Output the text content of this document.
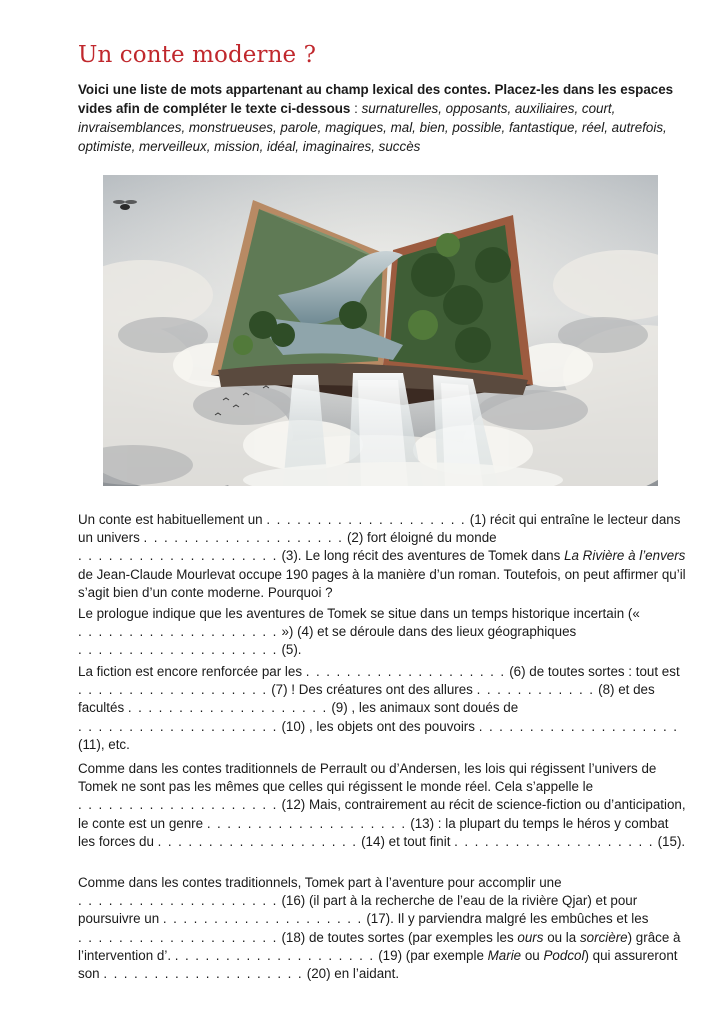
Un conte moderne ?

Voici une liste de mots appartenant au champ lexical des contes. Placez-les dans les espaces vides afin de compléter le texte ci-dessous : surnaturelles, opposants, auxiliaires, court, invraisemblances, monstrueuses, parole, magiques, mal, bien, possible, fantastique, réel, autrefois, optimiste, merveilleux, mission, idéal, imaginaires, succès

Un conte est habituellement un . . . . . . . . . . . . . . . . . . . . (1) récit qui entraîne le lecteur dans un univers . . . . . . . . . . . . . . . . . . . . (2) fort éloigné du monde . . . . . . . . . . . . . . . . . . . . (3). Le long récit des aventures de Tomek dans La Rivière à l’envers de Jean-Claude Mourlevat occupe 190 pages à la manière d’un roman. Toutefois, on peut affirmer qu’il s’agit bien d’un conte moderne. Pourquoi ?

Le prologue indique que les aventures de Tomek se situe dans un temps historique incertain (« . . . . . . . . . . . . . . . . . . . . ») (4) et se déroule dans des lieux géographiques . . . . . . . . . . . . . . . . . . . . (5).

La fiction est encore renforcée par les . . . . . . . . . . . . . . . . . . . . (6) de toutes sortes : tout est . . . . . . . . . . . . . . . . . . . (7) ! Des créatures ont des allures . . . . . . . . . . . . (8) et des facultés . . . . . . . . . . . . . . . . . . . . (9) , les animaux sont doués de . . . . . . . . . . . . . . . . . . . . (10) , les objets ont des pouvoirs . . . . . . . . . . . . . . . . . . . . (11), etc.

Comme dans les contes traditionnels de Perrault ou d’Andersen, les lois qui régissent l’univers de Tomek ne sont pas les mêmes que celles qui régissent le monde réel. Cela s’appelle le . . . . . . . . . . . . . . . . . . . . (12) Mais, contrairement au récit de science-fiction ou d’anticipation, le conte est un genre . . . . . . . . . . . . . . . . . . . . (13) : la plupart du temps le héros y combat les forces du . . . . . . . . . . . . . . . . . . . . (14) et tout finit . . . . . . . . . . . . . . . . . . . . (15).

Comme dans les contes traditionnels, Tomek part à l’aventure pour accomplir une . . . . . . . . . . . . . . . . . . . . (16) (il part à la recherche de l’eau de la rivière Qjar) et pour poursuivre un . . . . . . . . . . . . . . . . . . . . (17). Il y parviendra malgré les embûches et les . . . . . . . . . . . . . . . . . . . . (18) de toutes sortes (par exemples les ours ou la sorcière) grâce à l’intervention d’. . . . . . . . . . . . . . . . . . . . . (19) (par exemple Marie ou Podcol) qui assureront son . . . . . . . . . . . . . . . . . . . . (20) en l’aidant.
